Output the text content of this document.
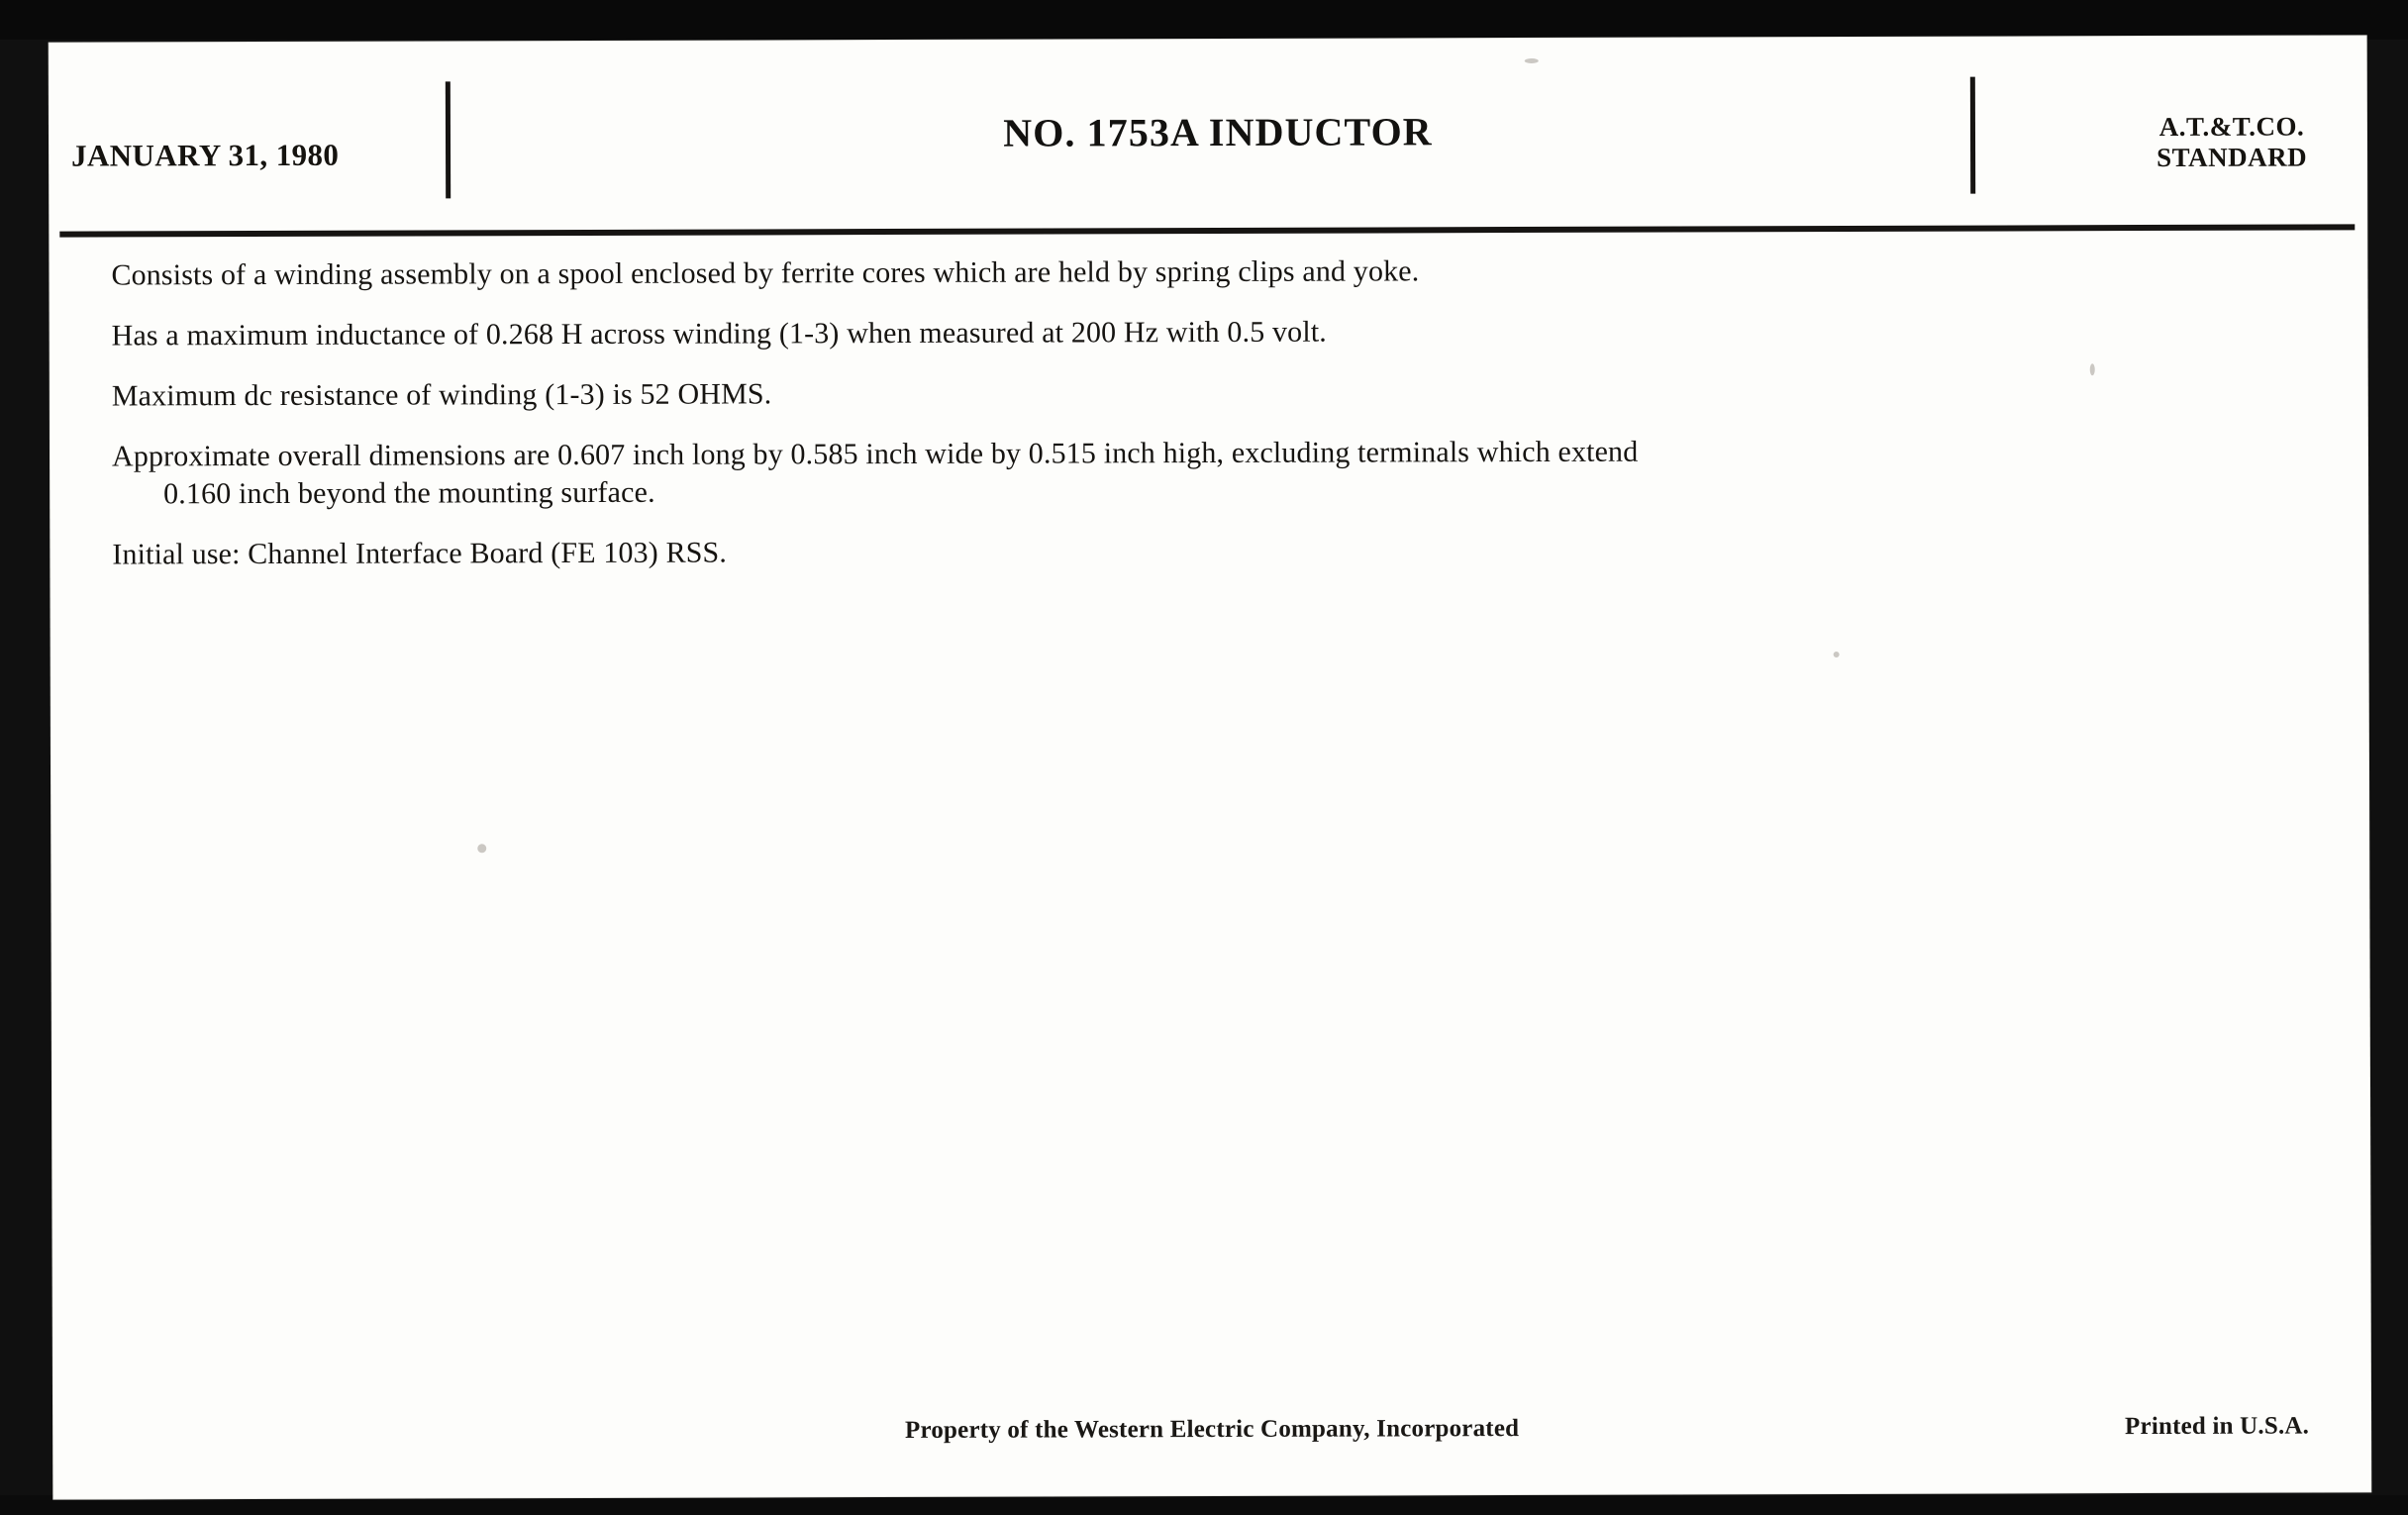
JANUARY 31, 1980
NO. 1753A INDUCTOR	A.T.&T.CO.
STANDARD

Consists of a winding assembly on a spool enclosed by ferrite cores which are held by spring clips and yoke.

Has a maximum inductance of 0.268 H across winding (1-3) when measured at 200 Hz with 0.5 volt.

Maximum dc resistance of winding (1-3) is 52 OHMS.

Approximate overall dimensions are 0.607 inch long by 0.585 inch wide by 0.515 inch high, excluding terminals which extend
0.160 inch beyond the mounting surface.

Initial use: Channel Interface Board (FE 103) RSS.

Property of the Western Electric Company, Incorporated	Printed in U.S.A.
